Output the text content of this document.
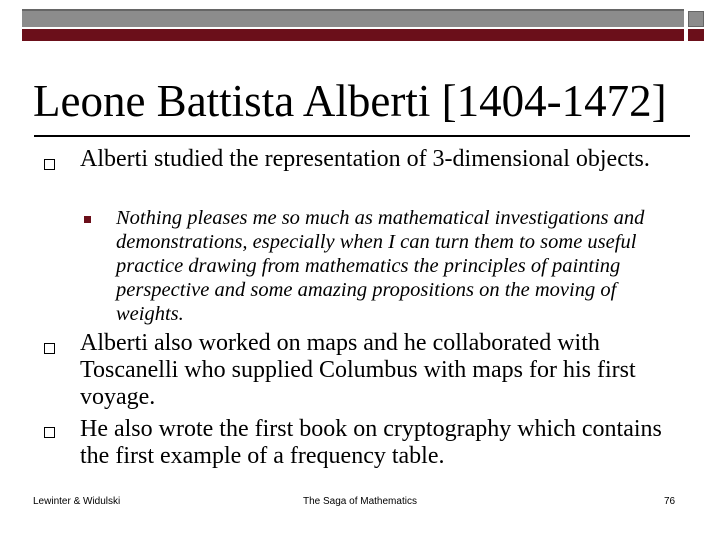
Leone Battista Alberti [1404-1472]
Alberti studied the representation of 3-dimensional objects.
Nothing pleases me so much as mathematical investigations and demonstrations, especially when I can turn them to some useful practice drawing from mathematics the principles of painting perspective and some amazing propositions on the moving of weights.
Alberti also worked on maps and he collaborated with Toscanelli who supplied Columbus with maps for his first voyage.
He also wrote the first book on cryptography which contains the first example of a frequency table.
Lewinter & Widulski	The Saga of Mathematics	76
